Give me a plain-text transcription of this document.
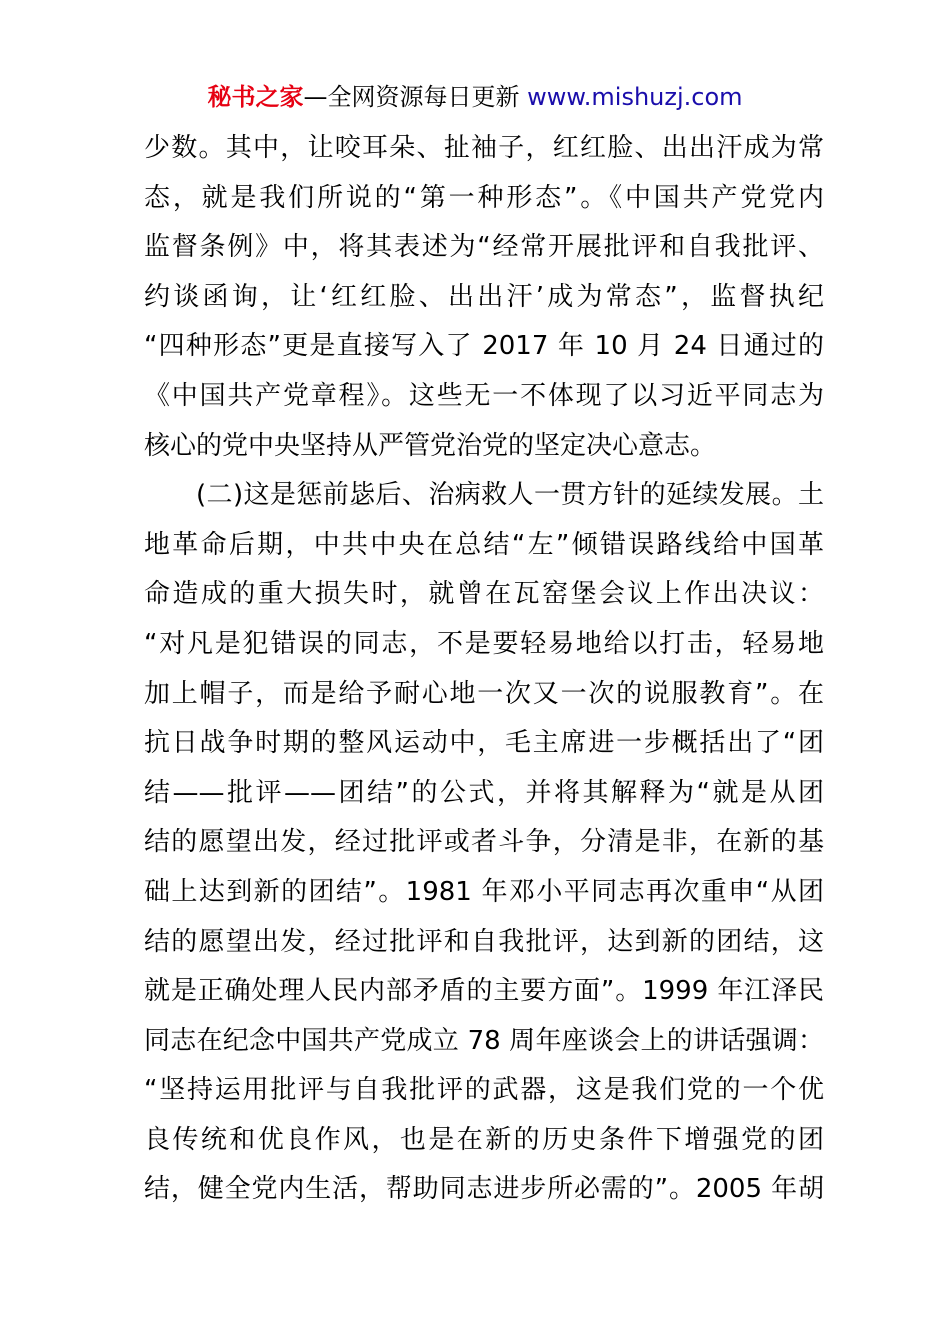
秘书之家—全网资源每日更新 www.mishuzj.com
少数。其中，让咬耳朵、扯袖子，红红脸、出出汗成为常
态，就是我们所说的“第一种形态”。《中国共产党党内
监督条例》中，将其表述为“经常开展批评和自我批评、
约谈函询，让‘红红脸、出出汗’成为常态”，监督执纪
“四种形态”更是直接写入了 2017 年 10 月 24 日通过的
《中国共产党章程》。这些无一不体现了以习近平同志为
核心的党中央坚持从严管党治党的坚定决心意志。
(二)这是惩前毖后、治病救人一贯方针的延续发展。土
地革命后期，中共中央在总结“左”倾错误路线给中国革
命造成的重大损失时，就曾在瓦窑堡会议上作出决议：
“对凡是犯错误的同志，不是要轻易地给以打击，轻易地
加上帽子，而是给予耐心地一次又一次的说服教育”。在
抗日战争时期的整风运动中，毛主席进一步概括出了“团
结——批评——团结”的公式，并将其解释为“就是从团
结的愿望出发，经过批评或者斗争，分清是非，在新的基
础上达到新的团结”。1981 年邓小平同志再次重申“从团
结的愿望出发，经过批评和自我批评，达到新的团结，这
就是正确处理人民内部矛盾的主要方面”。1999 年江泽民
同志在纪念中国共产党成立 78 周年座谈会上的讲话强调：
“坚持运用批评与自我批评的武器，这是我们党的一个优
良传统和优良作风，也是在新的历史条件下增强党的团
结，健全党内生活，帮助同志进步所必需的”。2005 年胡
